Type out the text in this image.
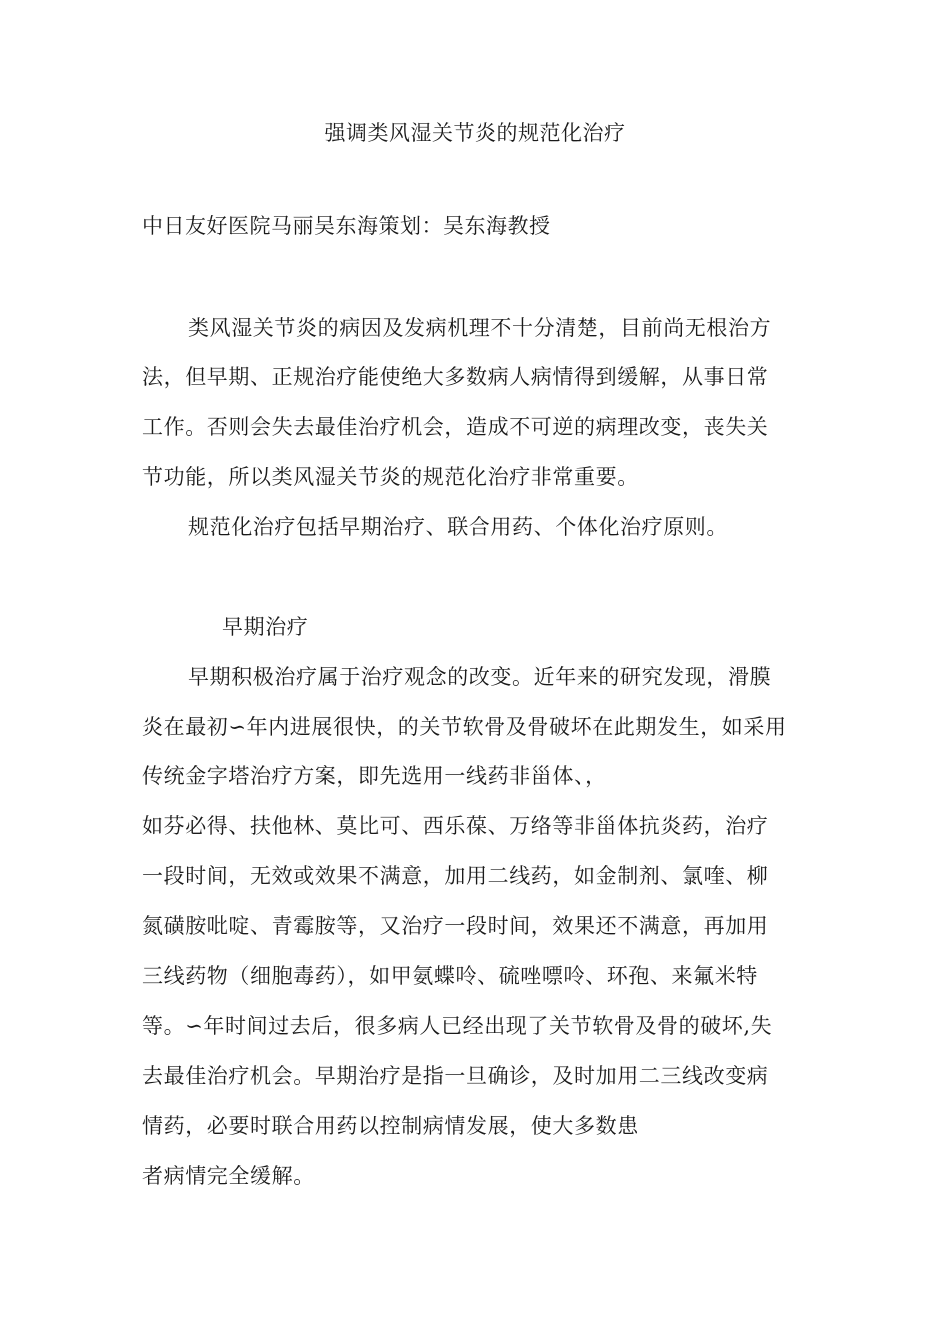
强调类风湿关节炎的规范化治疗
中日友好医院马丽吴东海策划：吴东海教授
类风湿关节炎的病因及发病机理不十分清楚，目前尚无根治方
法，但早期、正规治疗能使绝大多数病人病情得到缓解，从事日常
工作。否则会失去最佳治疗机会，造成不可逆的病理改变，丧失关
节功能，所以类风湿关节炎的规范化治疗非常重要。
规范化治疗包括早期治疗、联合用药、个体化治疗原则。
早期治疗
早期积极治疗属于治疗观念的改变。近年来的研究发现，滑膜
炎在最初∽年内进展很快，的关节软骨及骨破坏在此期发生，如采用
传统金字塔治疗方案，即先选用一线药非甾体、，
如芬必得、扶他林、莫比可、西乐葆、万络等非甾体抗炎药，治疗
一段时间，无效或效果不满意，加用二线药，如金制剂、氯喹、柳
氮磺胺吡啶、青霉胺等，又治疗一段时间，效果还不满意，再加用
三线药物（细胞毒药），如甲氨蝶呤、硫唑嘌呤、环孢、来氟米特
等。∽年时间过去后，很多病人已经出现了关节软骨及骨的破坏,失
去最佳治疗机会。早期治疗是指一旦确诊，及时加用二三线改变病
情药，必要时联合用药以控制病情发展，使大多数患
者病情完全缓解。
